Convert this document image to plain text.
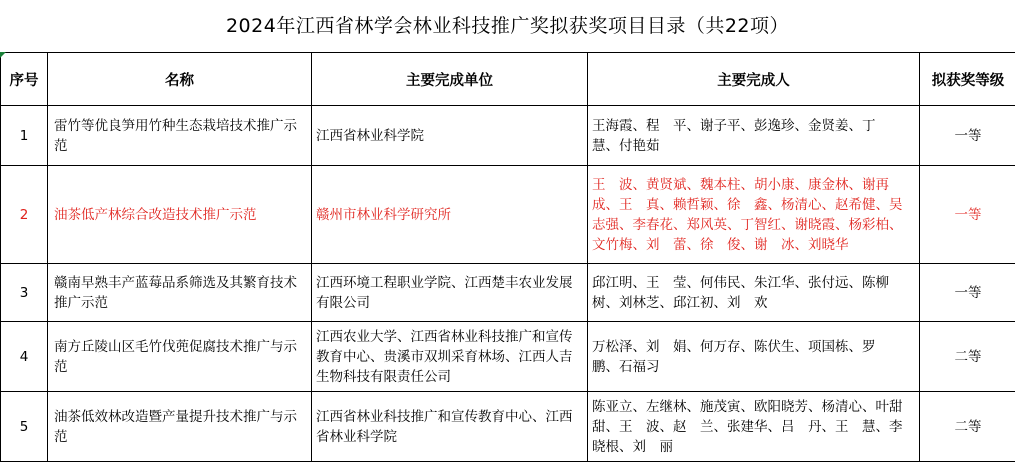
2024年江西省林学会林业科技推广奖拟获奖项目目录（共22项）
序号	名称	主要完成单位	主要完成人	拟获奖等级
1	雷竹等优良笋用竹种生态栽培技术推广示范	江西省林业科学院	王海霞、程　平、谢子平、彭逸珍、金贤姜、丁　慧、付艳茹	一等
2	油茶低产林综合改造技术推广示范	赣州市林业科学研究所	王　波、黄贤斌、魏本柱、胡小康、康金林、谢再成、王　真、赖哲颖、徐　鑫、杨清心、赵希健、吴志强、李春花、郑风英、丁智红、谢晓霞、杨彩柏、文竹梅、刘　蕾、徐　俊、谢　冰、刘晓华	一等
3	赣南早熟丰产蓝莓品系筛选及其繁育技术推广示范	江西环境工程职业学院、江西楚丰农业发展有限公司	邱江明、王　莹、何伟民、朱江华、张付远、陈柳树、刘林芝、邱江初、刘　欢	一等
4	南方丘陵山区毛竹伐蔸促腐技术推广与示范	江西农业大学、江西省林业科技推广和宣传教育中心、贵溪市双圳采育林场、江西人吉生物科技有限责任公司	万松泽、刘　娟、何万存、陈伏生、项国栋、罗　鹏、石福习	二等
5	油茶低效林改造暨产量提升技术推广与示范	江西省林业科技推广和宣传教育中心、江西省林业科学院	陈亚立、左继林、施茂寅、欧阳晓芳、杨清心、叶甜甜、王　波、赵　兰、张建华、吕　丹、王　慧、李晓根、刘　丽	二等
